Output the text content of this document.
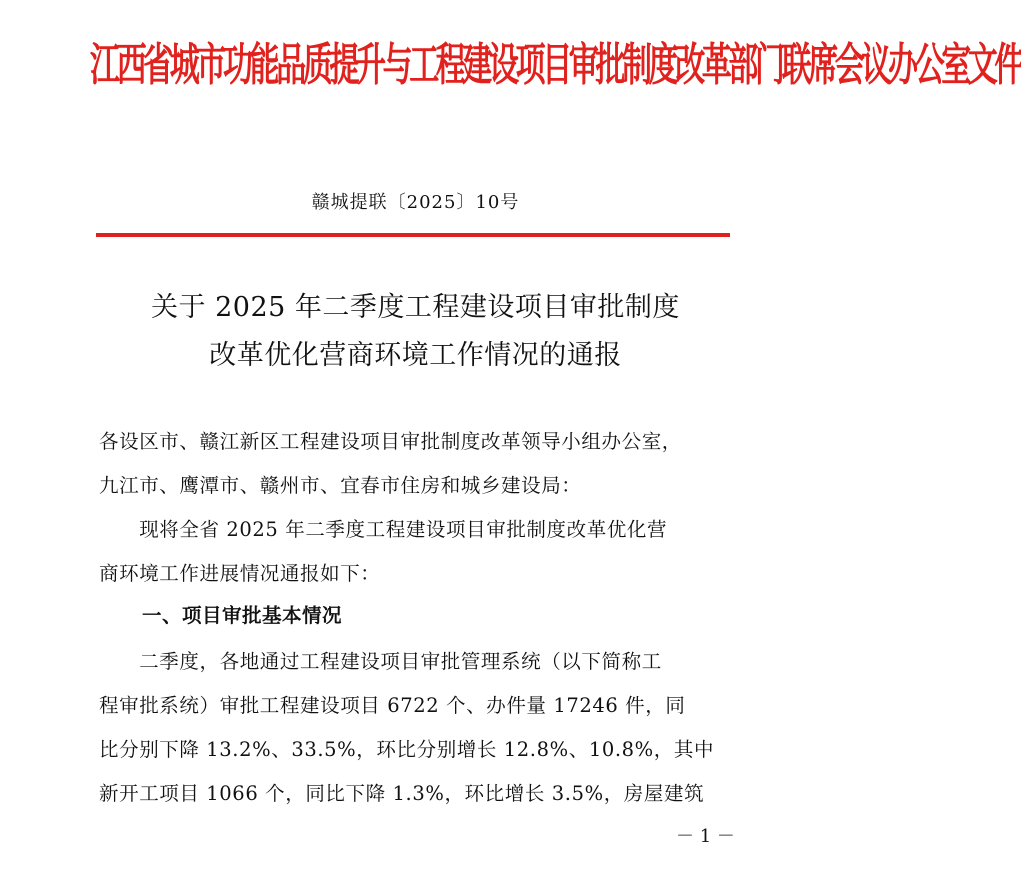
江西省城市功能品质提升与工程建设项目审批制度改革部门联席会议办公室文件
赣城提联〔2025〕10号
关于 2025 年二季度工程建设项目审批制度
改革优化营商环境工作情况的通报
各设区市、赣江新区工程建设项目审批制度改革领导小组办公室，
九江市、鹰潭市、赣州市、宜春市住房和城乡建设局：
　　现将全省 2025 年二季度工程建设项目审批制度改革优化营
商环境工作进展情况通报如下：
一、项目审批基本情况
　　二季度，各地通过工程建设项目审批管理系统（以下简称工
程审批系统）审批工程建设项目 6722 个、办件量 17246 件，同
比分别下降 13.2%、33.5%，环比分别增长 12.8%、10.8%，其中
新开工项目 1066 个，同比下降 1.3%，环比增长 3.5%，房屋建筑
－ 1 －
